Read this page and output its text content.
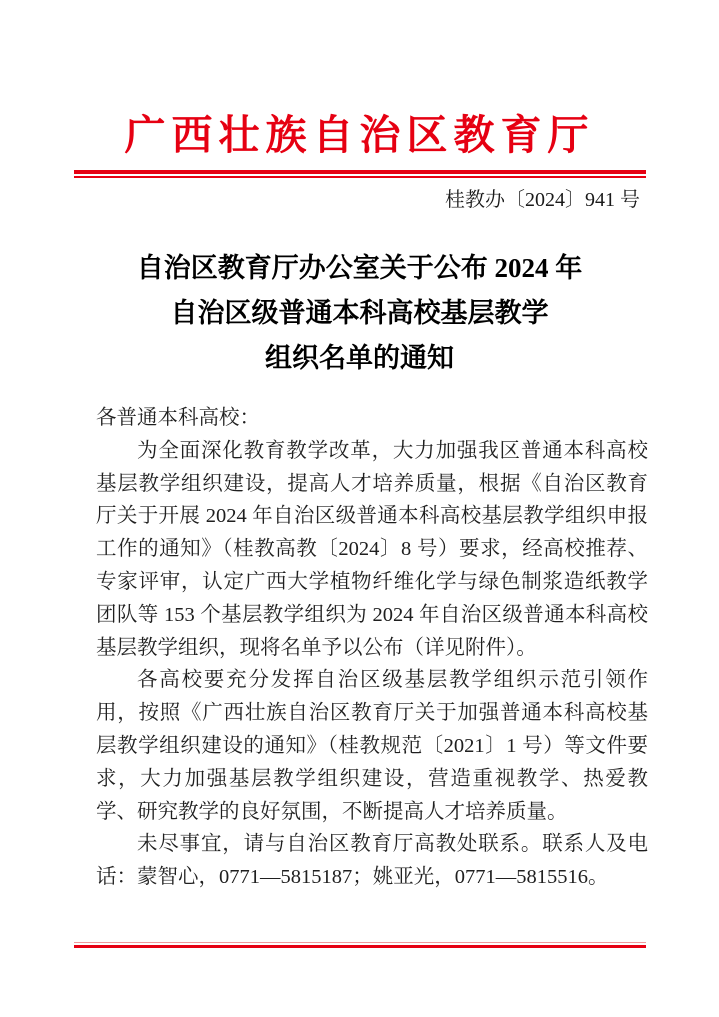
广西壮族自治区教育厅
桂教办〔2024〕941 号
自治区教育厅办公室关于公布 2024 年
自治区级普通本科高校基层教学
组织名单的通知

各普通本科高校：

为全面深化教育教学改革，大力加强我区普通本科高校基层教学组织建设，提高人才培养质量，根据《自治区教育厅关于开展 2024 年自治区级普通本科高校基层教学组织申报工作的通知》（桂教高教〔2024〕8 号）要求，经高校推荐、专家评审，认定广西大学植物纤维化学与绿色制浆造纸教学团队等 153 个基层教学组织为 2024 年自治区级普通本科高校基层教学组织，现将名单予以公布（详见附件）。

各高校要充分发挥自治区级基层教学组织示范引领作用，按照《广西壮族自治区教育厅关于加强普通本科高校基层教学组织建设的通知》（桂教规范〔2021〕1 号）等文件要求，大力加强基层教学组织建设，营造重视教学、热爱教学、研究教学的良好氛围，不断提高人才培养质量。

未尽事宜，请与自治区教育厅高教处联系。联系人及电话：蒙智心，0771—5815187；姚亚光，0771—5815516。
